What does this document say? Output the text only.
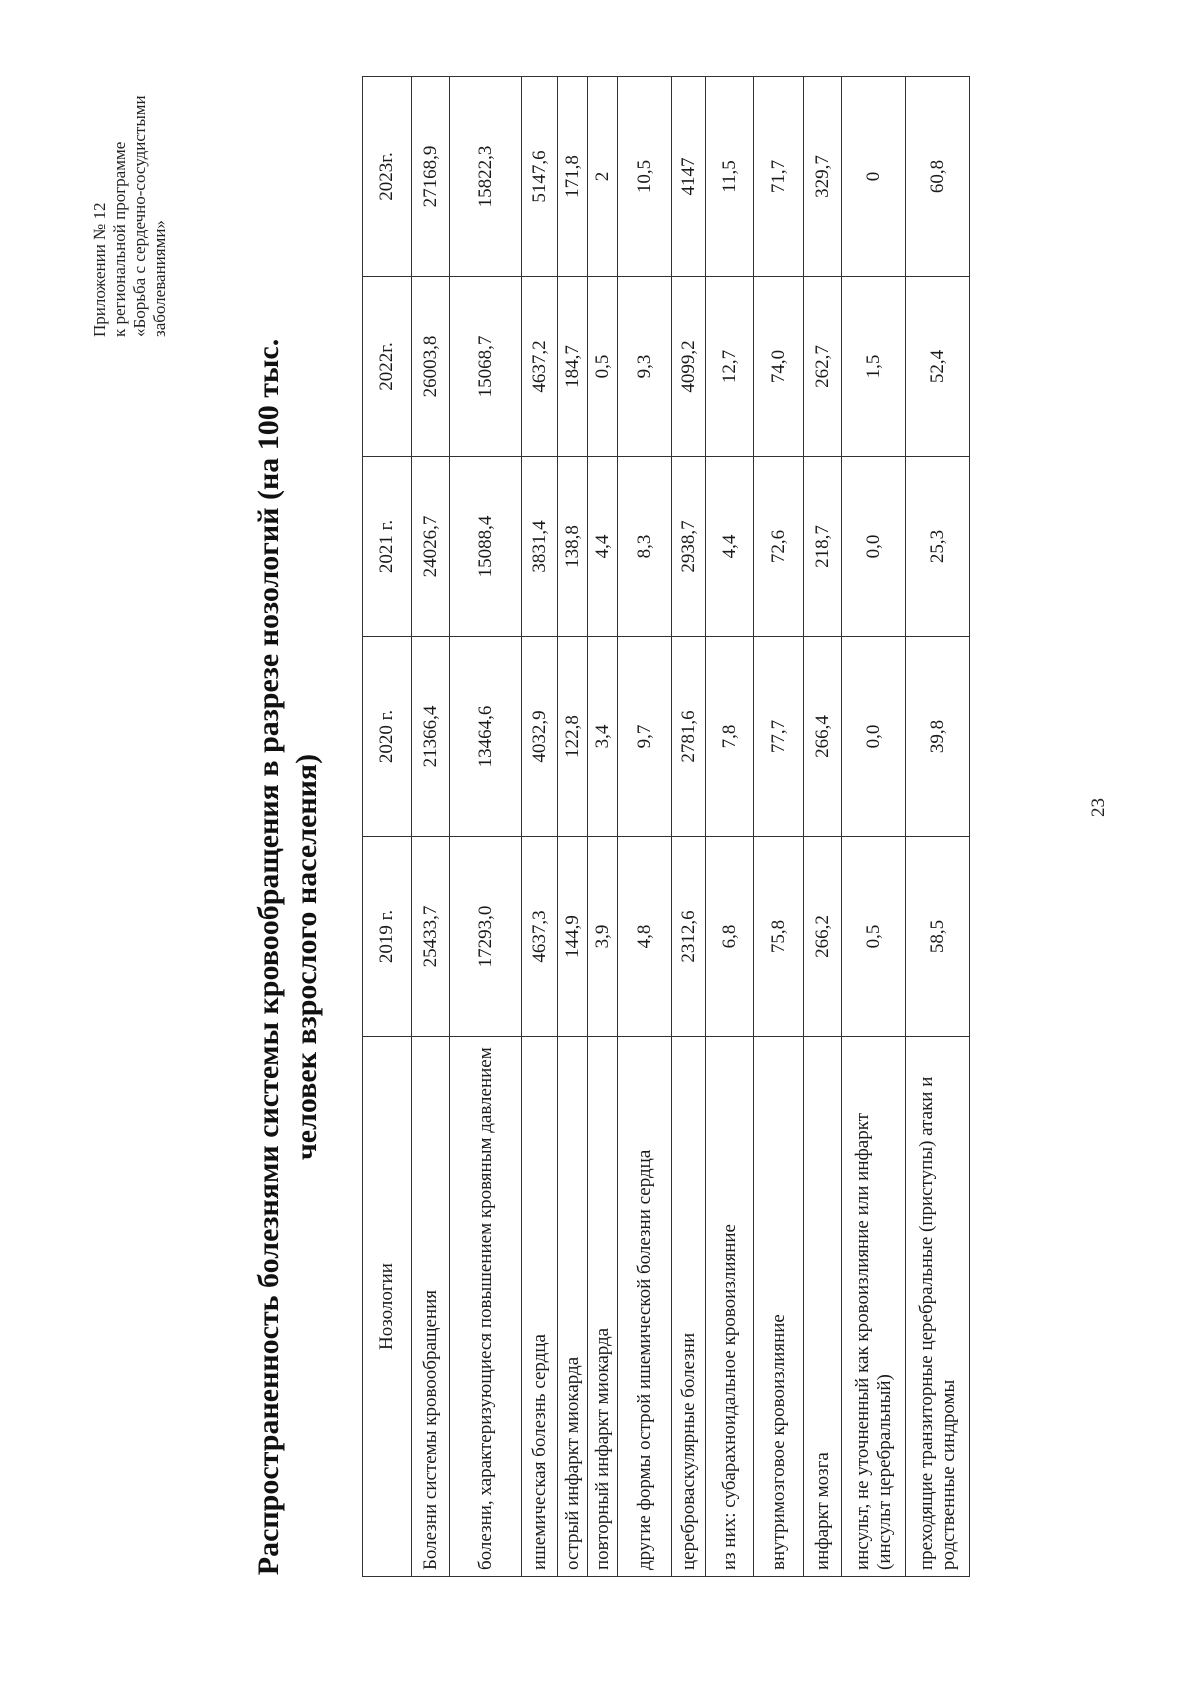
Приложении № 12 к региональной программе «Борьба с сердечно-сосудистыми заболеваниями»
Распространенность болезнями системы кровообращения в разрезе нозологий (на 100 тыс. человек взрослого населения)
Нозологии	2019 г.	2020 г.	2021 г.	2022г.	2023г.
Болезни системы кровообращения	25433,7	21366,4	24026,7	26003,8	27168,9
болезни, характеризующиеся повышением кровяным давлением	17293,0	13464,6	15088,4	15068,7	15822,3
ишемическая болезнь сердца	4637,3	4032,9	3831,4	4637,2	5147,6
острый инфаркт миокарда	144,9	122,8	138,8	184,7	171,8
повторный инфаркт миокарда	3,9	3,4	4,4	0,5	2
другие формы острой ишемической болезни сердца	4,8	9,7	8,3	9,3	10,5
цереброваскулярные болезни	2312,6	2781,6	2938,7	4099,2	4147
из них: субарахноидальное кровоизлияние	6,8	7,8	4,4	12,7	11,5
внутримозговое кровоизлияние	75,8	77,7	72,6	74,0	71,7
инфаркт мозга	266,2	266,4	218,7	262,7	329,7
инсульт, не уточненный как кровоизлияние или инфаркт (инсульт церебральный)	0,5	0,0	0,0	1,5	0
преходящие транзиторные церебральные (приступы) атаки и родственные синдромы	58,5	39,8	25,3	52,4	60,8
23
